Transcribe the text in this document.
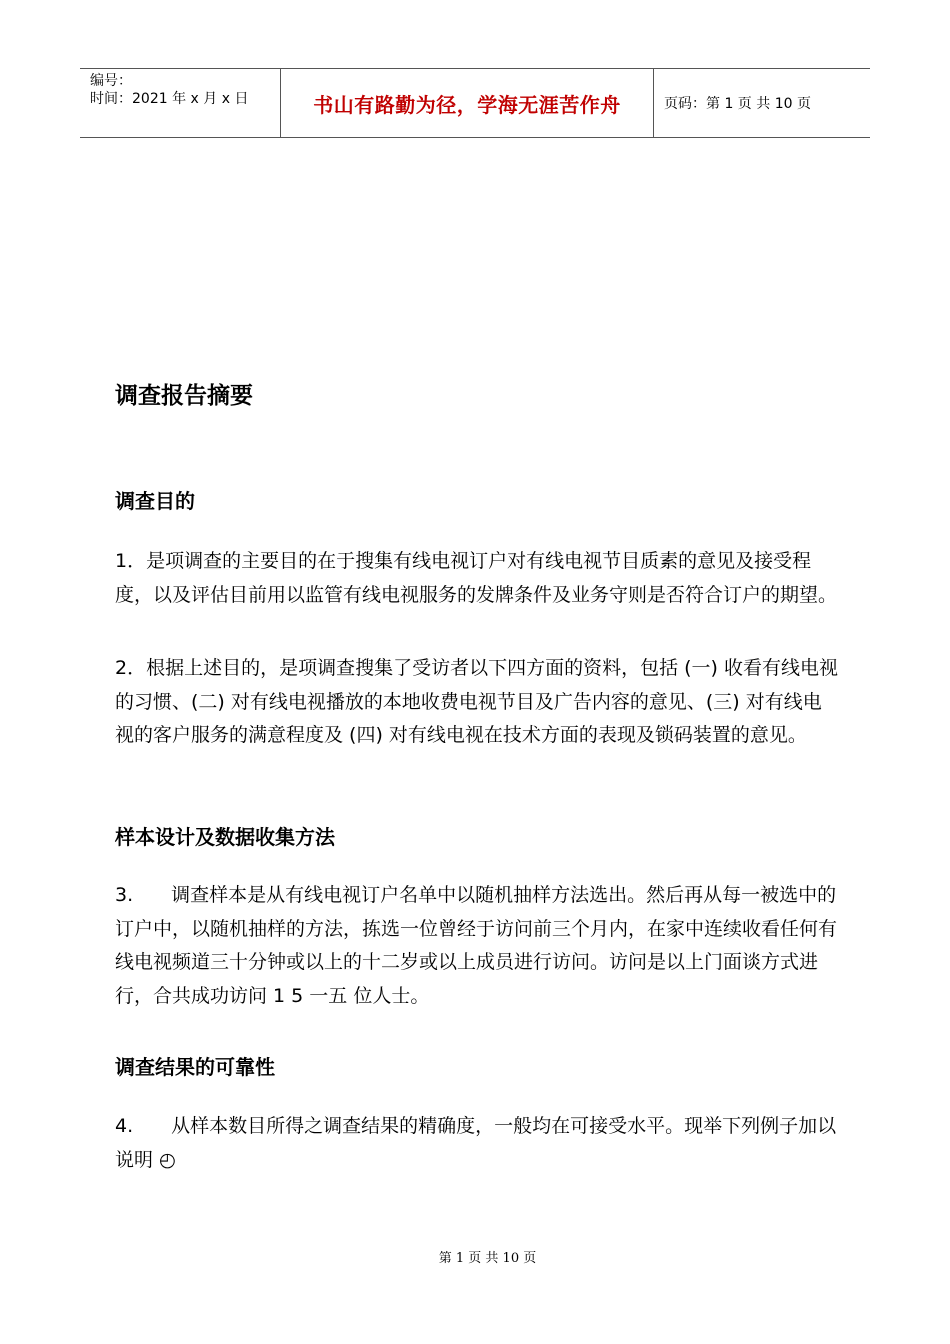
编号：
时间：2021 年 x 月 x 日	书山有路勤为径，学海无涯苦作舟	页码：第 1 页 共 10 页
调查报告摘要
调查目的

1．是项调查的主要目的在于搜集有线电视订户对有线电视节目质素的意见及接受程度，以及评估目前用以监管有线电视服务的发牌条件及业务守则是否符合订户的期望。

2．根据上述目的，是项调查搜集了受访者以下四方面的资料，包括 (一) 收看有线电视的习惯、(二) 对有线电视播放的本地收费电视节目及广告内容的意见、(三) 对有线电视的客户服务的满意程度及 (四) 对有线电视在技术方面的表现及锁码装置的意见。

样本设计及数据收集方法

3.　　调查样本是从有线电视订户名单中以随机抽样方法选出。然后再从每一被选中的订户中，以随机抽样的方法，拣选一位曾经于访问前三个月内，在家中连续收看任何有线电视频道三十分钟或以上的十二岁或以上成员进行访问。访问是以上门面谈方式进行，合共成功访问 1 5 一五 位人士。

调查结果的可靠性

4.　　从样本数目所得之调查结果的精确度，一般均在可接受水平。现举下列例子加以说明 ◴

第 1 页 共 10 页
